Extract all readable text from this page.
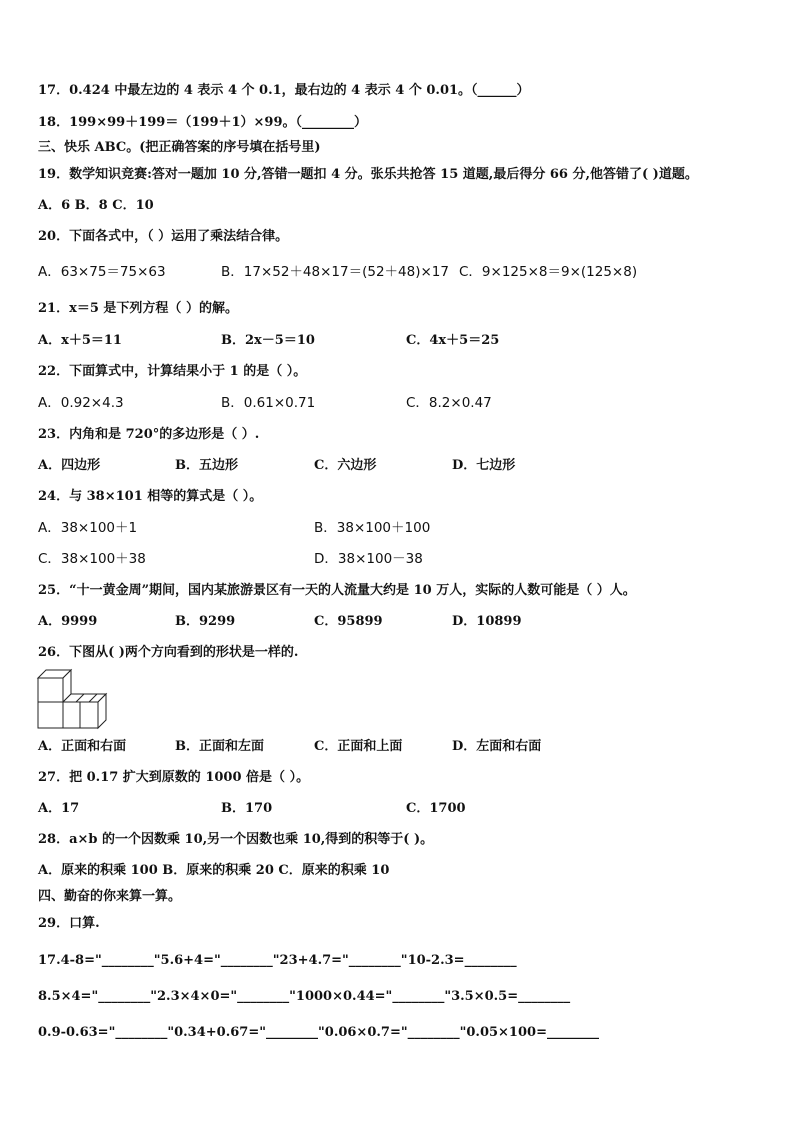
17．0.424 中最左边的 4 表示 4 个 0.1，最右边的 4 表示 4 个 0.01。（______）
18．199×99＋199＝（199＋1）×99。（________）
三、快乐 ABC。(把正确答案的序号填在括号里)
19．数学知识竞赛:答对一题加 10 分,答错一题扣 4 分。张乐共抢答 15 道题,最后得分 66 分,他答错了( )道题。
A．6 B．8 C．10
20．下面各式中，（ ）运用了乘法结合律。
A．63×75＝75×63	B．17×52＋48×17＝(52＋48)×17 C．9×125×8＝9×(125×8)
21．x＝5 是下列方程（ ）的解。
A．x＋5＝11	B．2x－5＝10	C．4x＋5＝25
22．下面算式中，计算结果小于 1 的是（ ）。
A．0.92×4.3	B．0.61×0.71	C．8.2×0.47
23．内角和是 720°的多边形是（ ）.
A．四边形	B．五边形	C．六边形	D．七边形
24．与 38×101 相等的算式是（ ）。
A．38×100＋1	B．38×100＋100
C．38×100＋38	D．38×100－38
25．“十一黄金周”期间，国内某旅游景区有一天的人流量大约是 10 万人，实际的人数可能是（ ）人。
A．9999	B．9299	C．95899	D．10899
26．下图从( )两个方向看到的形状是一样的.
A．正面和右面	B．正面和左面	C．正面和上面	D．左面和右面
27．把 0.17 扩大到原数的 1000 倍是（ ）。
A．17	B．170	C．1700
28．a×b 的一个因数乘 10,另一个因数也乘 10,得到的积等于( )。
A．原来的积乘 100 B．原来的积乘 20 C．原来的积乘 10
四、勤奋的你来算一算。
29．口算.
17.4-8="________"5.6+4="________"23+4.7="________"10-2.3=________
8.5×4="________"2.3×4×0="________"1000×0.44="________"3.5×0.5=________
0.9-0.63="________"0.34+0.67="________"0.06×0.7="________"0.05×100=________
